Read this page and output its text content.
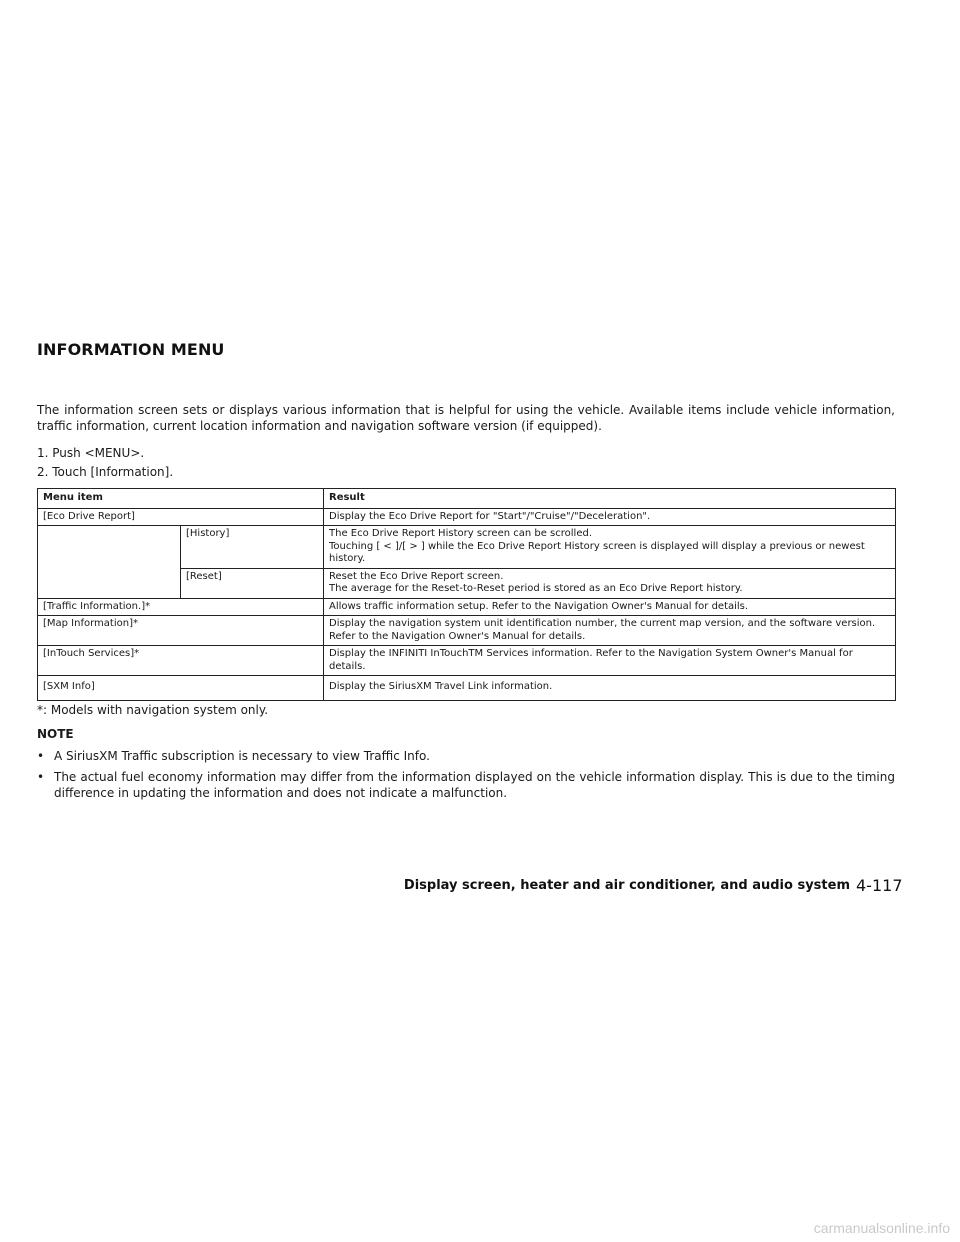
INFORMATION MENU
The information screen sets or displays various information that is helpful for using the vehicle. Available items include vehicle information, traffic information, current location information and navigation software version (if equipped).
1. Push <MENU>.
2. Touch [Information].
Menu item		Result
[Eco Drive Report]		Display the Eco Drive Report for "Start"/"Cruise"/"Deceleration".
	[History]	The Eco Drive Report History screen can be scrolled.
Touching [ < ]/[ > ] while the Eco Drive Report History screen is displayed will display a previous or newest history.

	[Reset]	Reset the Eco Drive Report screen.
The average for the Reset-to-Reset period is stored as an Eco Drive Report history.

[Traffic Information.]*		Allows traffic information setup. Refer to the Navigation Owner's Manual for details.
[Map Information]*		Display the navigation system unit identification number, the current map version, and the software version. Refer to the Navigation Owner's Manual for details.
[InTouch Services]*		Display the INFINITI InTouchTM Services information. Refer to the Navigation System Owner's Manual for details.
[SXM Info]		Display the SiriusXM Travel Link information.
*: Models with navigation system only.
NOTE
• A SiriusXM Traffic subscription is necessary to view Traffic Info.
• The actual fuel economy information may differ from the information displayed on the vehicle information display. This is due to the timing difference in updating the information and does not indicate a malfunction.
Display screen, heater and air conditioner, and audio system 4-117
carmanualsonline.info
